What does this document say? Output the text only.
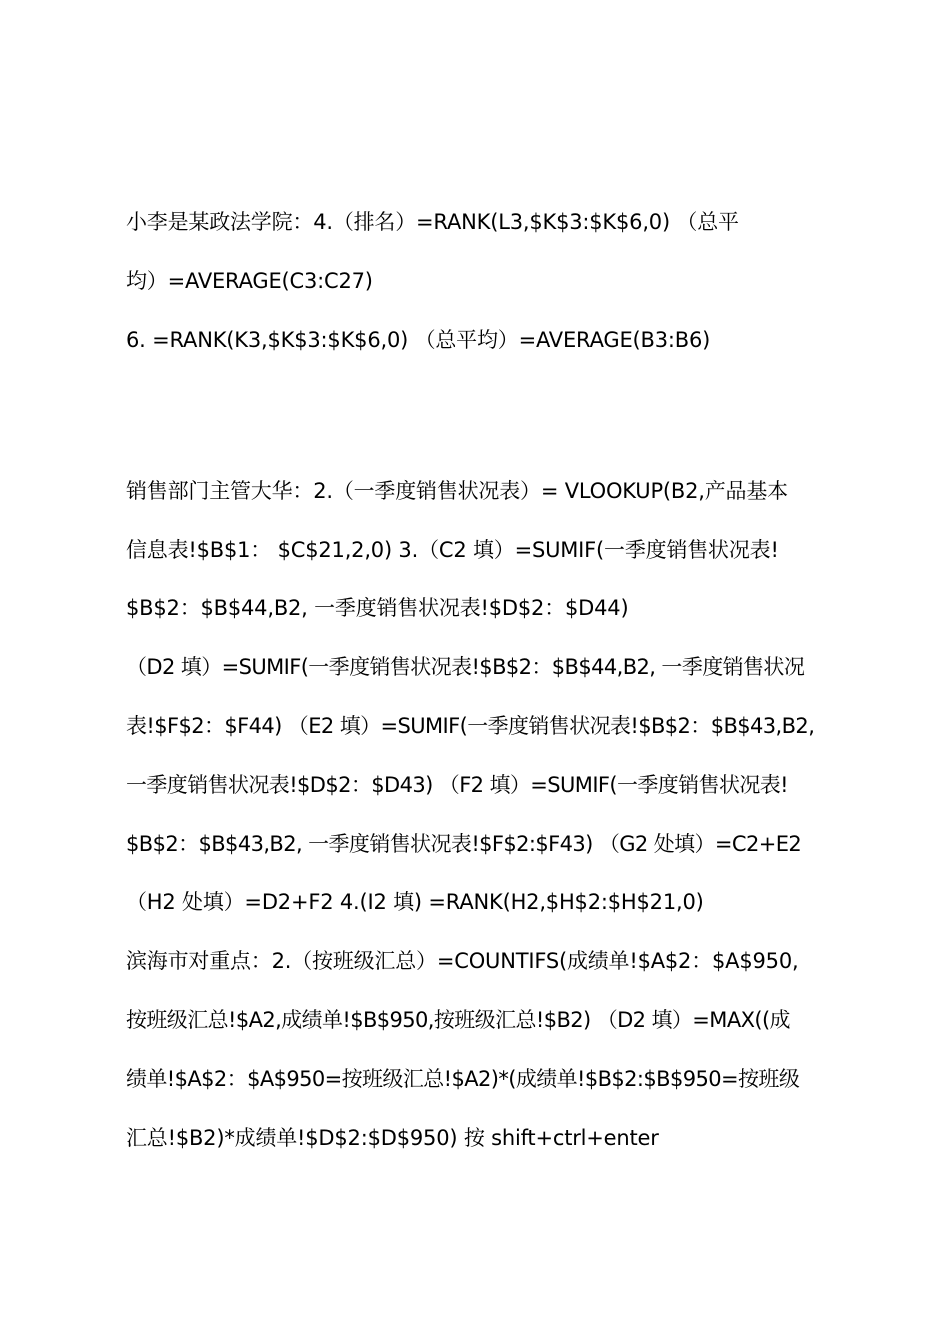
小李是某政法学院：4.（排名）=RANK(L3,$K$3:$K$6,0) （总平
均）=AVERAGE(C3:C27)
6. =RANK(K3,$K$3:$K$6,0) （总平均）=AVERAGE(B3:B6)
销售部门主管大华：2.（一季度销售状况表）= VLOOKUP(B2,产品基本
信息表!$B$1： $C$21,2,0) 3.（C2 填）=SUMIF(一季度销售状况表!
$B$2：$B$44,B2, 一季度销售状况表!$D$2：$D44)
（D2 填）=SUMIF(一季度销售状况表!$B$2：$B$44,B2, 一季度销售状况
表!$F$2：$F44) （E2 填）=SUMIF(一季度销售状况表!$B$2：$B$43,B2,
一季度销售状况表!$D$2：$D43) （F2 填）=SUMIF(一季度销售状况表!
$B$2：$B$43,B2, 一季度销售状况表!$F$2:$F43) （G2 处填）=C2+E2
（H2 处填）=D2+F2 4.(I2 填) =RANK(H2,$H$2:$H$21,0)
滨海市对重点：2.（按班级汇总）=COUNTIFS(成绩单!$A$2：$A$950,
按班级汇总!$A2,成绩单!$B$950,按班级汇总!$B2) （D2 填）=MAX((成
绩单!$A$2：$A$950=按班级汇总!$A2)*(成绩单!$B$2:$B$950=按班级
汇总!$B2)*成绩单!$D$2:$D$950) 按 shift+ctrl+enter
